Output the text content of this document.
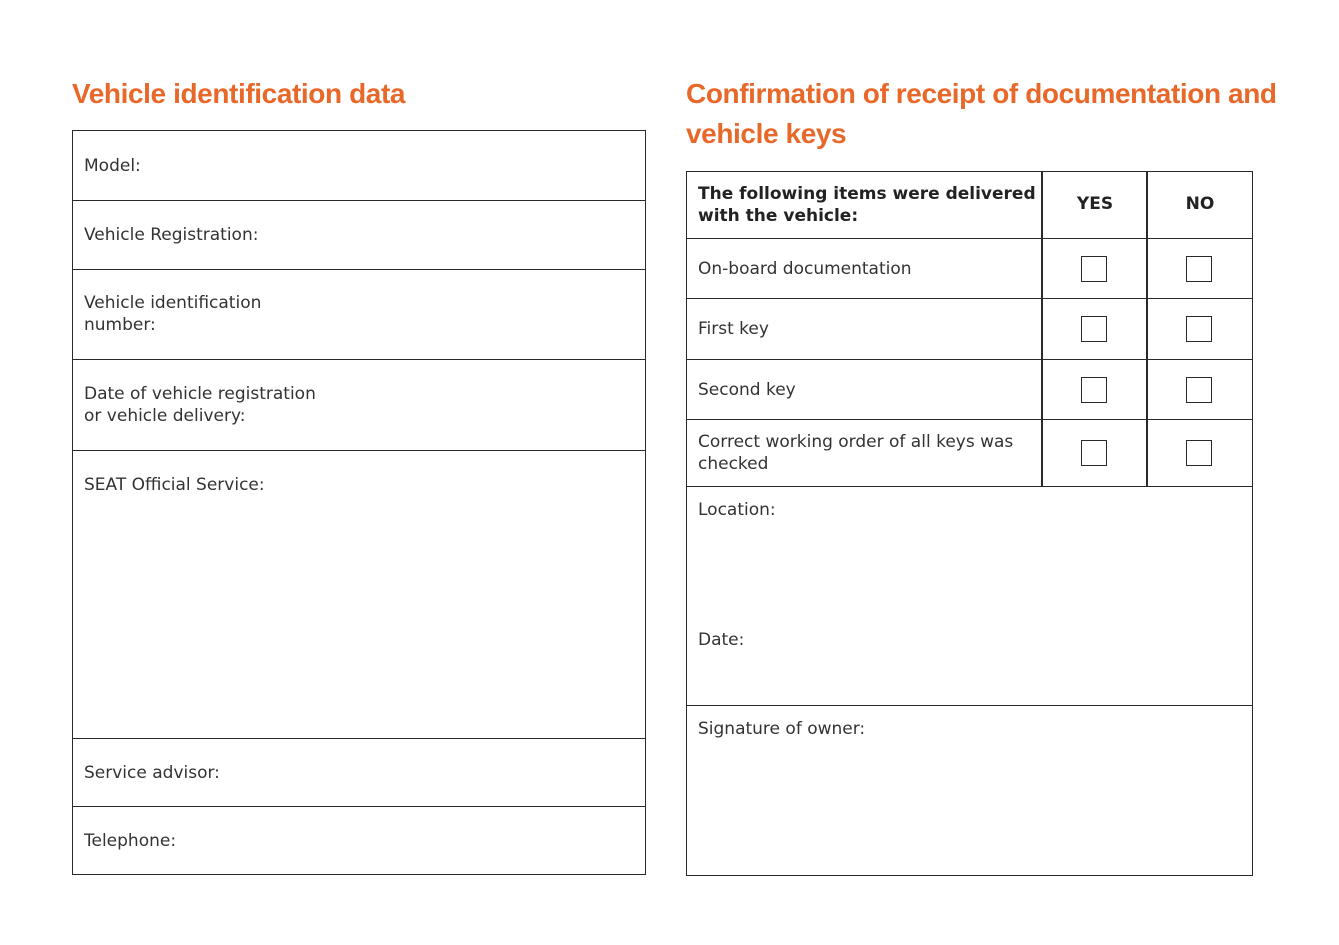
Vehicle identification data	Confirmation of receipt of documentation and vehicle keys
Model:
Vehicle Registration:
Vehicle identification
number:
Date of vehicle registration
or vehicle delivery:
SEAT Official Service:
Service advisor:
Telephone:
The following items were delivered
with the vehicle:
YES	NO
On-board documentation
First key
Second key
Correct working order of all keys was
checked
Location:
Date:
Signature of owner:
